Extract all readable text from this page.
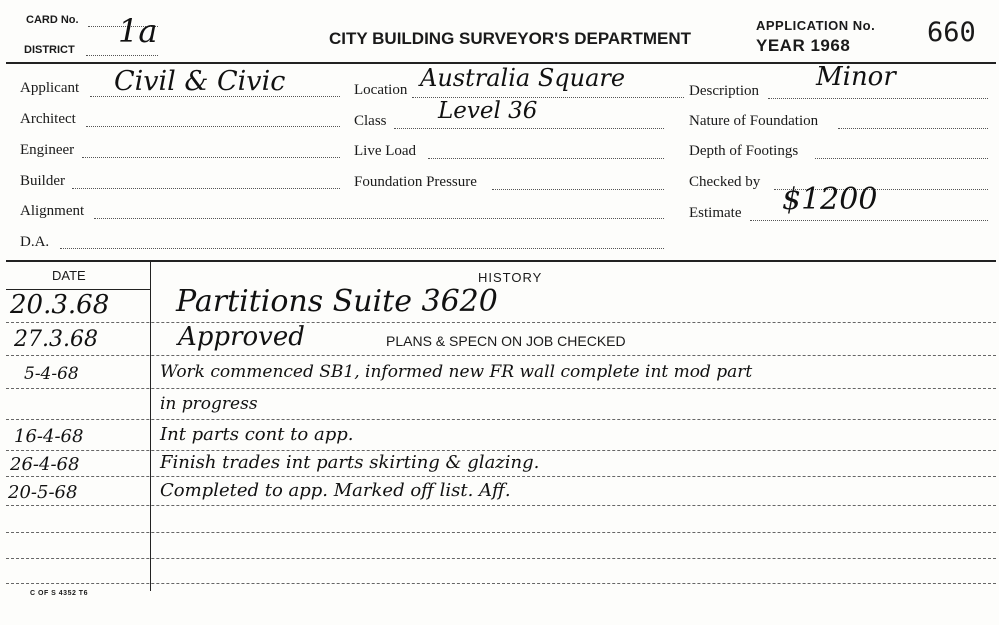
CARD No. 1a
DISTRICT
CITY BUILDING SURVEYOR'S DEPARTMENT
APPLICATION No.
YEAR 1968	660
Applicant Civil & Civic
Architect
Engineer
Builder
Alignment
D.A.
Location Australia Square
Class Level 36
Live Load
Foundation Pressure
Description Minor
Nature of Foundation
Depth of Footings
Checked by
Estimate $1200
DATE	HISTORY
20.3.68 Partitions Suite 3620
27.3.68	Approved	PLANS & SPECN ON JOB CHECKED
5-4-68	Work commenced SB1, informed new FR wall complete int mod part
in progress
16-4-68	Int parts cont to app.
26-4-68	Finish trades int parts skirting & glazing.
20-5-68	Completed to app. Marked off list. Aff.
C OF S 4352 T6
